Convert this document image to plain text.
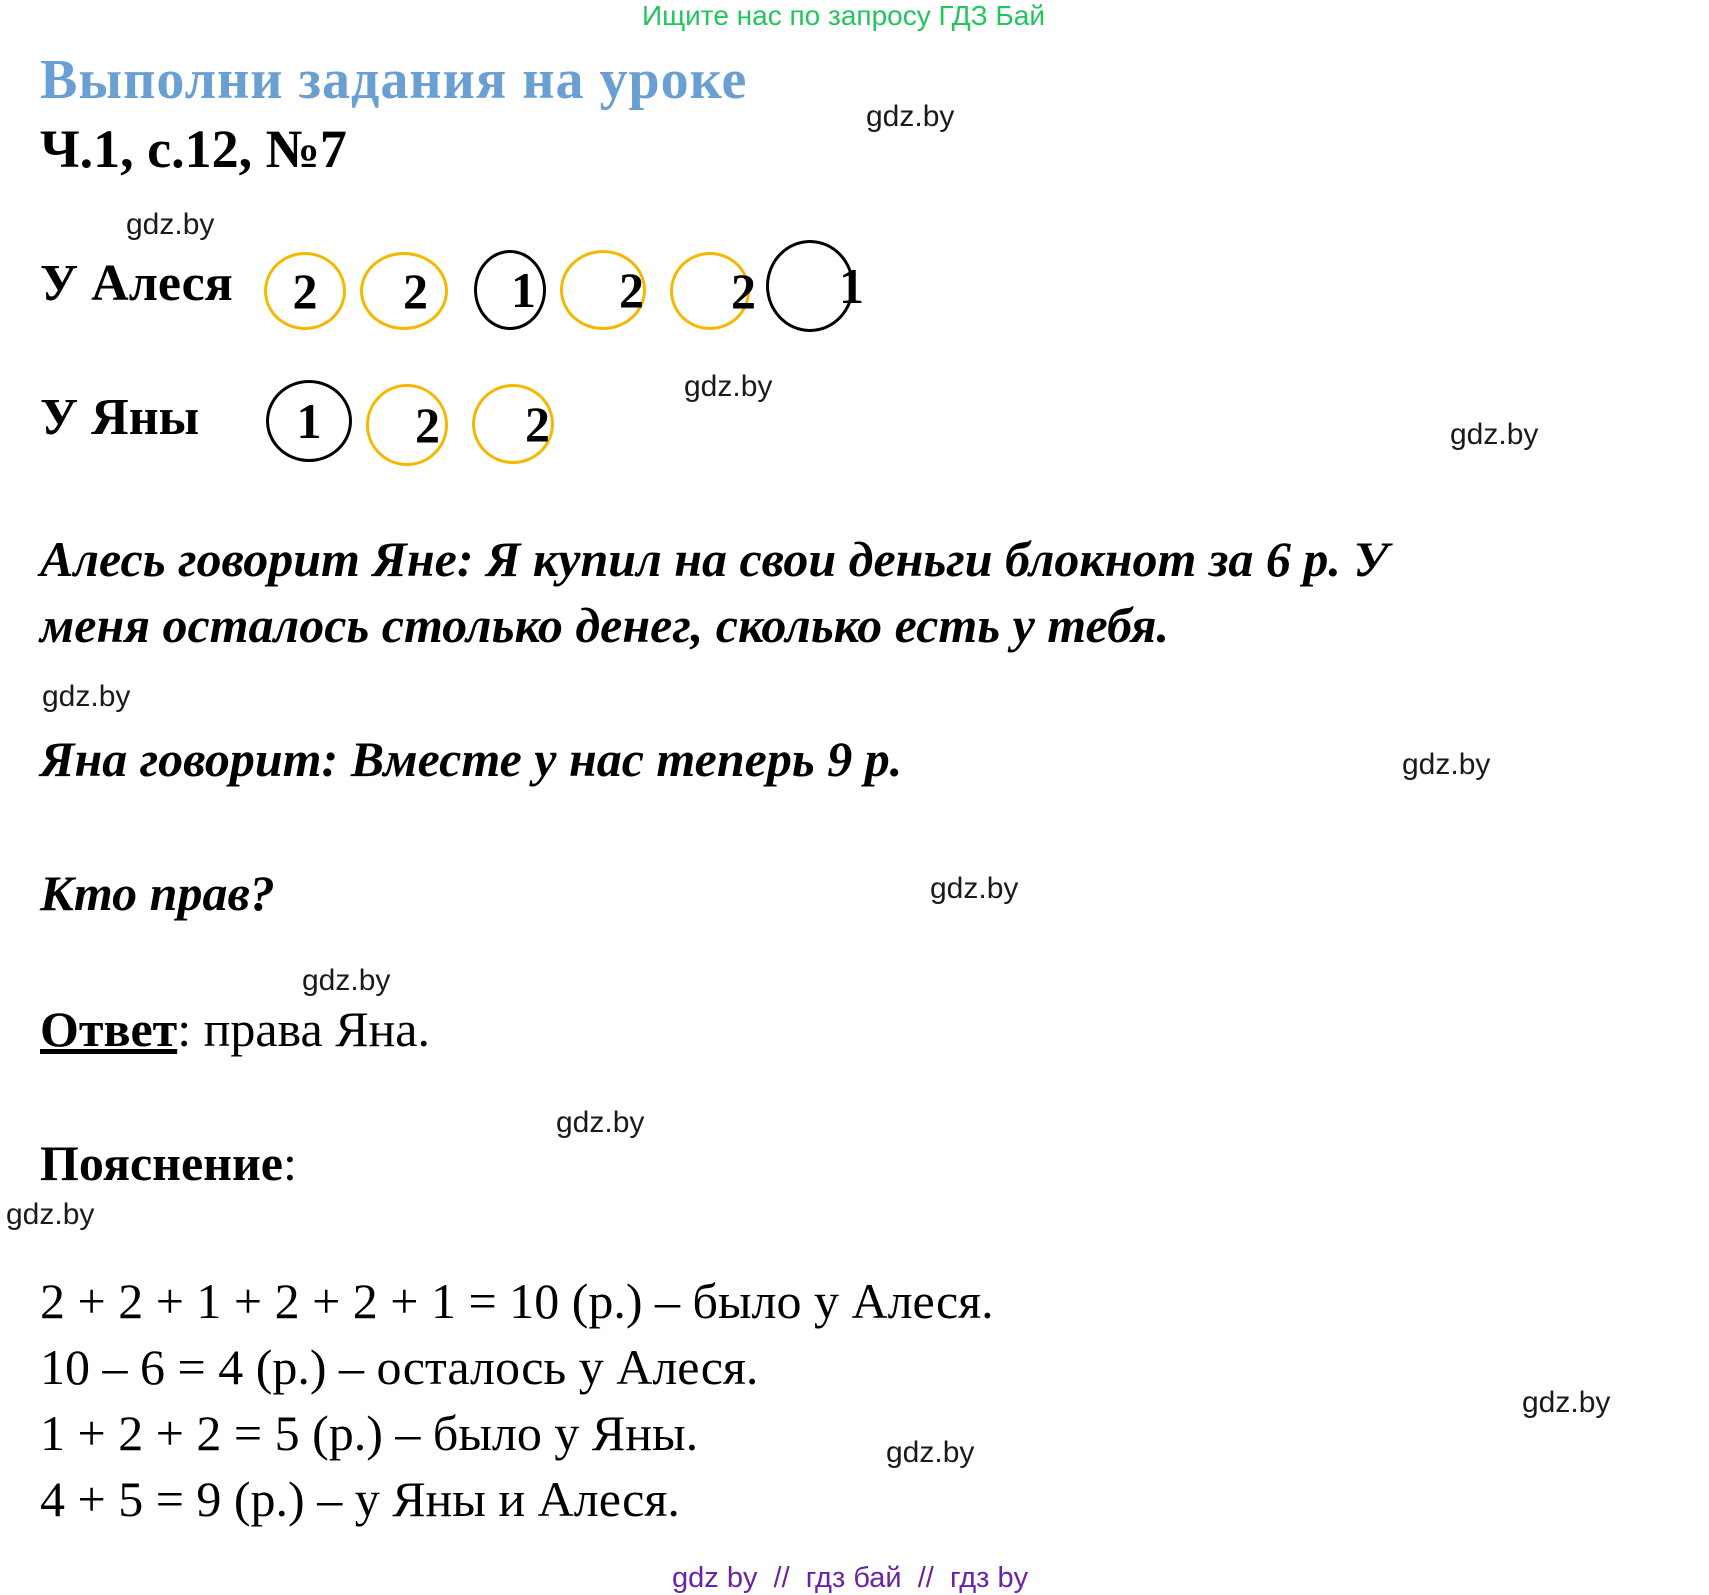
Ищите нас по запросу ГДЗ Бай
Выполни задания на уроке
Ч.1, с.12, №7
gdz.by
gdz.by
gdz.by
gdz.by
gdz.by
gdz.by
gdz.by
gdz.by
gdz.by
gdz.by
gdz.by
gdz.by
У Алеся 2 2 1 2 2 1
У Яны 1 2 2
Алесь говорит Яне: Я купил на свои деньги блокнот за 6 р. У
меня осталось столько денег, сколько есть у тебя.
Яна говорит: Вместе у нас теперь 9 р.
Кто прав?
Ответ: права Яна.
Пояснение:
2 + 2 + 1 + 2 + 2 + 1 = 10 (р.) – было у Алеся.
10 – 6 = 4 (р.) – осталось у Алеся.
1 + 2 + 2 = 5 (р.) – было у Яны.
4 + 5 = 9 (р.) – у Яны и Алеся.
gdz by  //  гдз бай  //  гдз by
